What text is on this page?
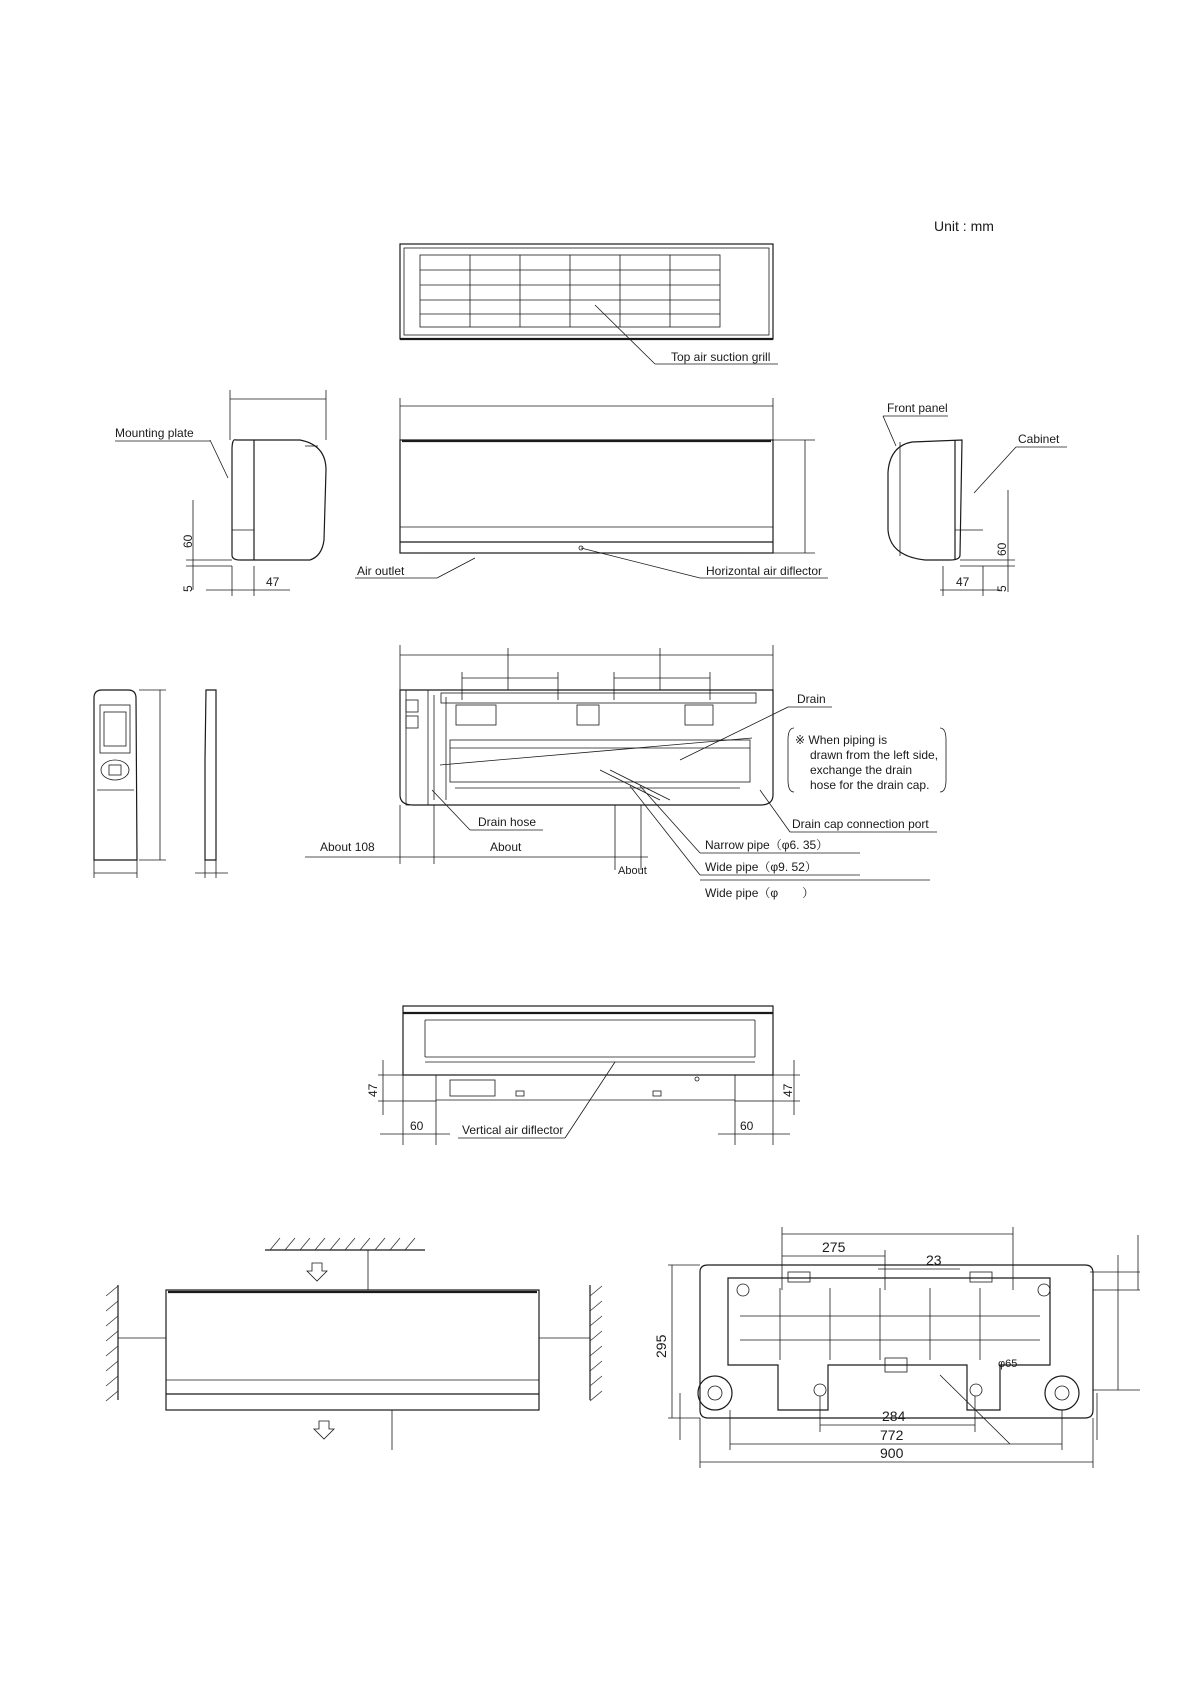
Unit : mm
Top air suction grill
Mounting plate
60
5	47
Horizontal air diflector
Air outlet
Front panel
Cabinet
60
5
47
Drain
※ When piping is
drawn from the left side,
exchange the drain
hose for the drain cap.
Drain cap connection port
Drain hose
Narrow pipe（φ6. 35）
Wide pipe（φ9. 52）
Wide pipe（φ　　）
About 108	About
About
Vertical air diflector
47
60
47
60
275
23
φ65
295
284
772
900
